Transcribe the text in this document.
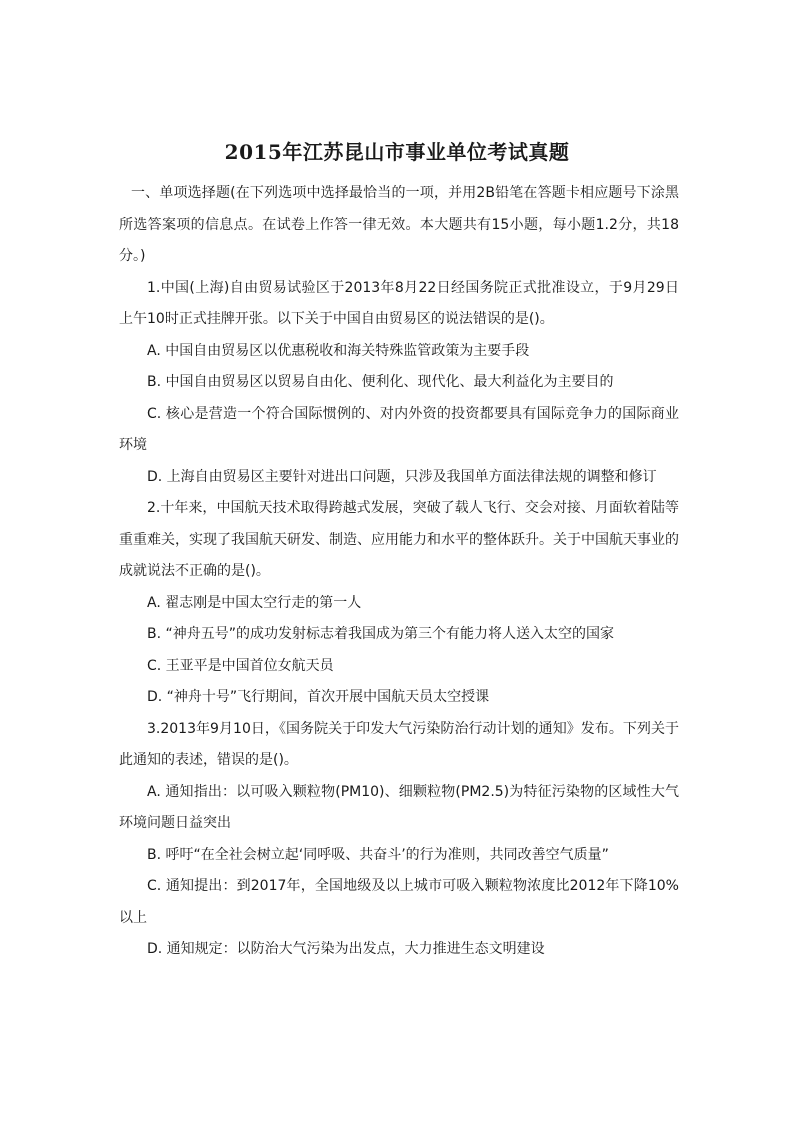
2015年江苏昆山市事业单位考试真题

一、单项选择题(在下列选项中选择最恰当的一项，并用2B铅笔在答题卡相应题号下涂黑所选答案项的信息点。在试卷上作答一律无效。本大题共有15小题，每小题1.2分，共18分。)

1.中国(上海)自由贸易试验区于2013年8月22日经国务院正式批准设立，于9月29日上午10时正式挂牌开张。以下关于中国自由贸易区的说法错误的是()。

A. 中国自由贸易区以优惠税收和海关特殊监管政策为主要手段

B. 中国自由贸易区以贸易自由化、便利化、现代化、最大利益化为主要目的

C. 核心是营造一个符合国际惯例的、对内外资的投资都要具有国际竞争力的国际商业环境

D. 上海自由贸易区主要针对进出口问题，只涉及我国单方面法律法规的调整和修订

2.十年来，中国航天技术取得跨越式发展，突破了载人飞行、交会对接、月面软着陆等重重难关，实现了我国航天研发、制造、应用能力和水平的整体跃升。关于中国航天事业的成就说法不正确的是()。

A. 翟志刚是中国太空行走的第一人

B. “神舟五号”的成功发射标志着我国成为第三个有能力将人送入太空的国家

C. 王亚平是中国首位女航天员

D. “神舟十号”飞行期间，首次开展中国航天员太空授课

3.2013年9月10日，《国务院关于印发大气污染防治行动计划的通知》发布。下列关于此通知的表述，错误的是()。

A. 通知指出：以可吸入颗粒物(PM10)、细颗粒物(PM2.5)为特征污染物的区域性大气环境问题日益突出

B. 呼吁“在全社会树立起‘同呼吸、共奋斗’的行为准则，共同改善空气质量”

C. 通知提出：到2017年，全国地级及以上城市可吸入颗粒物浓度比2012年下降10%以上

D. 通知规定：以防治大气污染为出发点，大力推进生态文明建设
